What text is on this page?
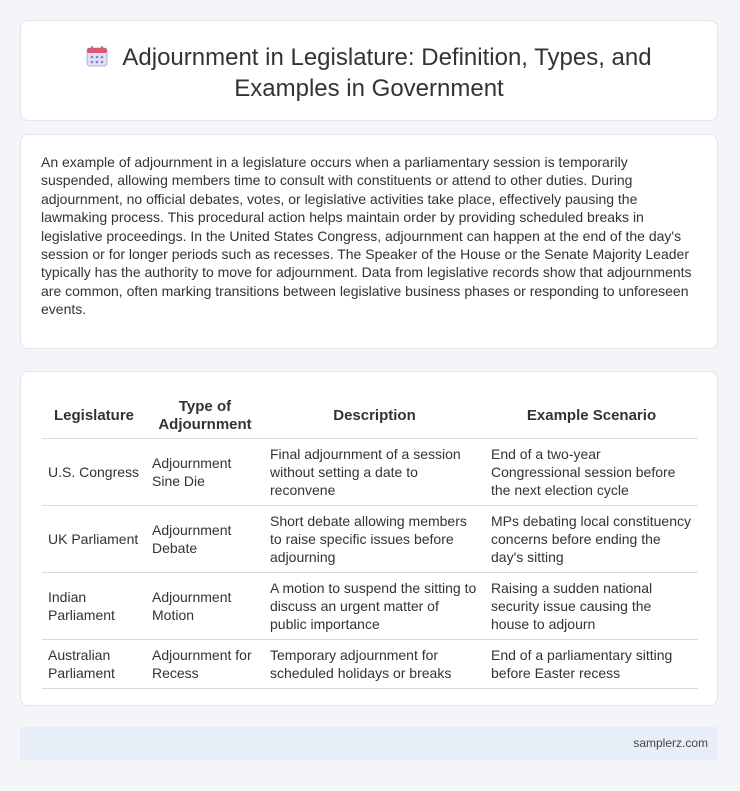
Adjournment in Legislature: Definition, Types, and
Examples in Government

An example of adjournment in a legislature occurs when a parliamentary session is temporarily suspended, allowing members time to consult with constituents or attend to other duties. During adjournment, no official debates, votes, or legislative activities take place, effectively pausing the lawmaking process. This procedural action helps maintain order by providing scheduled breaks in legislative proceedings. In the United States Congress, adjournment can happen at the end of the day's session or for longer periods such as recesses. The Speaker of the House or the Senate Majority Leader typically has the authority to move for adjournment. Data from legislative records show that adjournments are common, often marking transitions between legislative business phases or responding to unforeseen events.

Legislature	Type of Adjournment	Description	Example Scenario
U.S. Congress	Adjournment Sine Die	Final adjournment of a session without setting a date to reconvene	End of a two-year Congressional session before the next election cycle
UK Parliament	Adjournment Debate	Short debate allowing members to raise specific issues before adjourning	MPs debating local constituency concerns before ending the day's sitting
Indian Parliament	Adjournment Motion	A motion to suspend the sitting to discuss an urgent matter of public importance	Raising a sudden national security issue causing the house to adjourn
Australian Parliament	Adjournment for Recess	Temporary adjournment for scheduled holidays or breaks	End of a parliamentary sitting before Easter recess
samplerz.com
